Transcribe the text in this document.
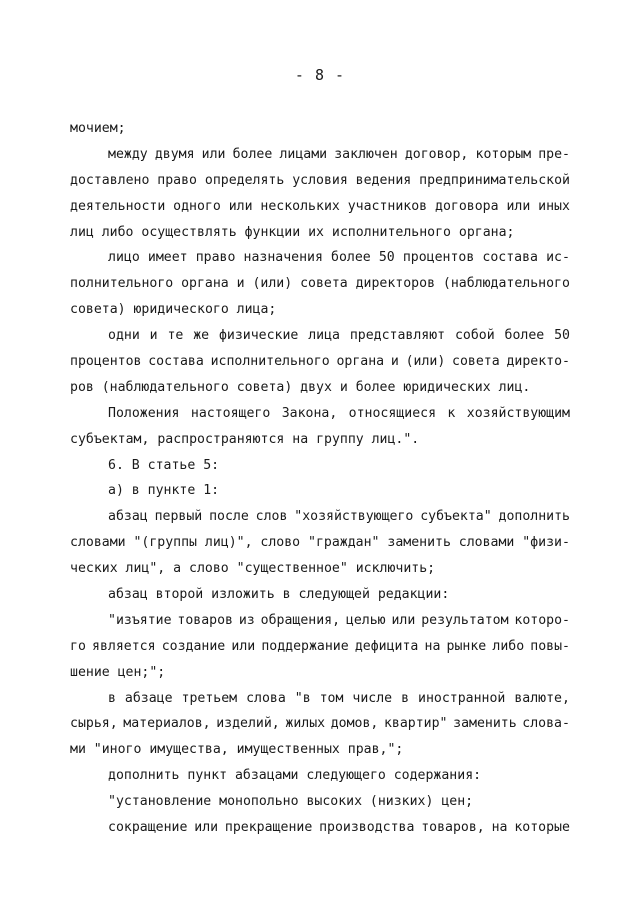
- 8 -
мочием;
между двумя или более лицами заключен договор, которым пре-
доставлено право определять условия ведения предпринимательской
деятельности одного или нескольких участников договора или иных
лиц либо осуществлять функции их исполнительного органа;
лицо имеет право назначения более 50 процентов состава ис-
полнительного органа и (или) совета директоров (наблюдательного
совета) юридического лица;
одни и те же физические лица представляют собой более 50
процентов состава исполнительного органа и (или) совета директо-
ров (наблюдательного совета) двух и более юридических лиц.
Положения настоящего Закона, относящиеся к хозяйствующим
субъектам, распространяются на группу лиц.".
6. В статье 5:
а) в пункте 1:
абзац первый после слов "хозяйствующего субъекта" дополнить
словами "(группы лиц)", слово "граждан" заменить словами "физи-
ческих лиц", а слово "существенное" исключить;
абзац второй изложить в следующей редакции:
"изъятие товаров из обращения, целью или результатом которо-
го является создание или поддержание дефицита на рынке либо повы-
шение цен;";
в абзаце третьем слова "в том числе в иностранной валюте,
сырья, материалов, изделий, жилых домов, квартир" заменить слова-
ми "иного имущества, имущественных прав,";
дополнить пункт абзацами следующего содержания:
"установление монопольно высоких (низких) цен;
сокращение или прекращение производства товаров, на которые
